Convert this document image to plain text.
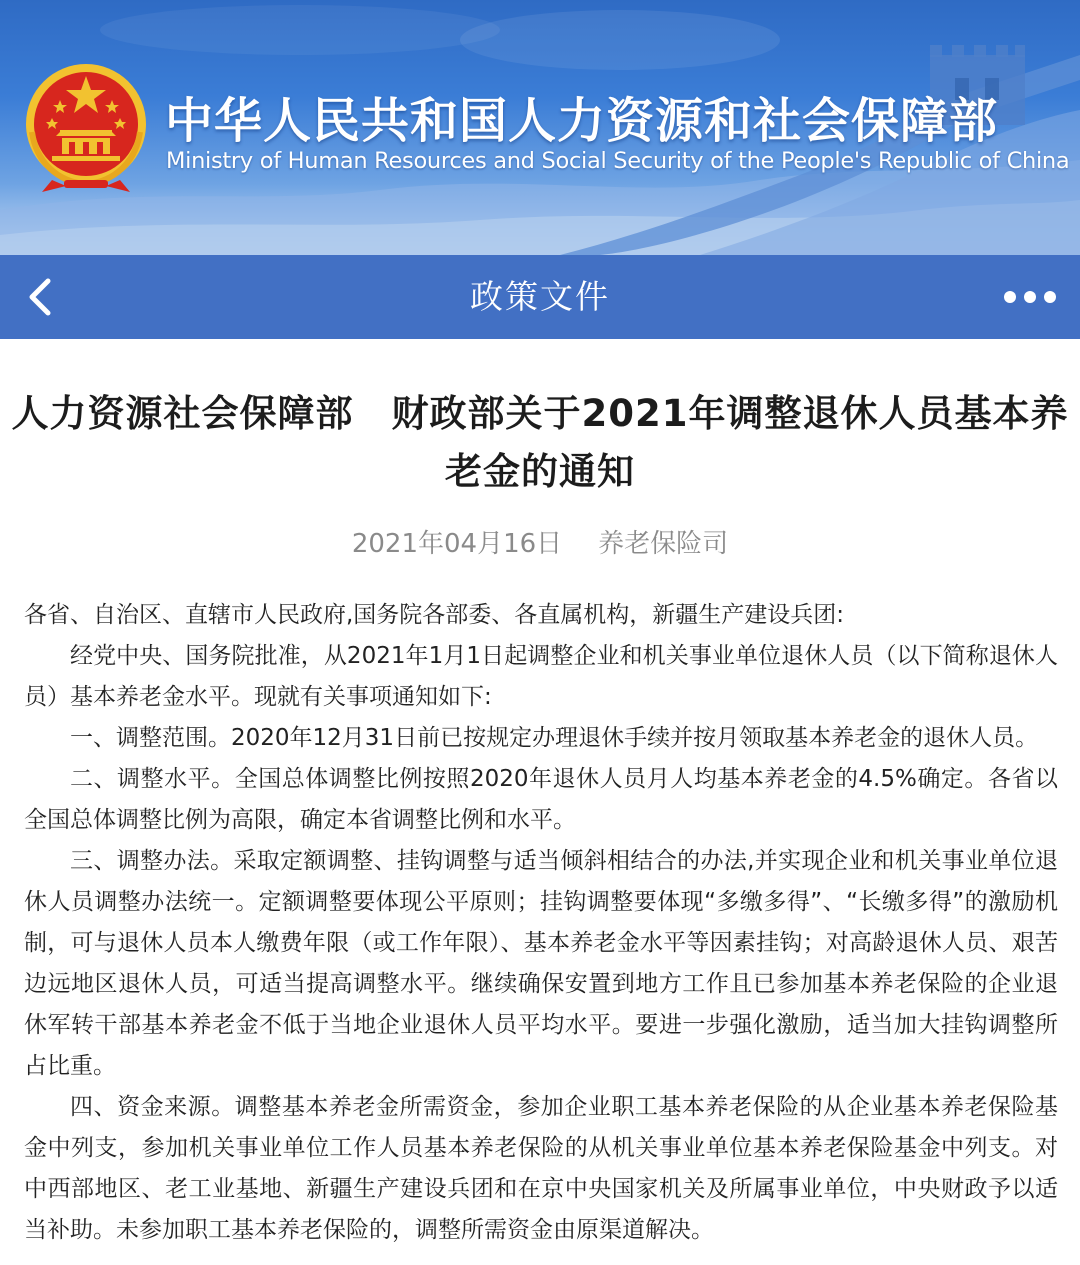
中华人民共和国人力资源和社会保障部
Ministry of Human Resources and Social Security of the People's Republic of China
政策文件
人力资源社会保障部　财政部关于2021年调整退休人员基本养
老金的通知
2021年04月16日 养老保险司

各省、自治区、直辖市人民政府,国务院各部委、各直属机构，新疆生产建设兵团:

经党中央、国务院批准，从2021年1月1日起调整企业和机关事业单位退休人员（以下简称退休人员）基本养老金水平。现就有关事项通知如下:

一、调整范围。2020年12月31日前已按规定办理退休手续并按月领取基本养老金的退休人员。

二、调整水平。全国总体调整比例按照2020年退休人员月人均基本养老金的4.5%确定。各省以全国总体调整比例为高限，确定本省调整比例和水平。

三、调整办法。采取定额调整、挂钩调整与适当倾斜相结合的办法,并实现企业和机关事业单位退休人员调整办法统一。定额调整要体现公平原则；挂钩调整要体现“多缴多得”、“长缴多得”的激励机制，可与退休人员本人缴费年限（或工作年限）、基本养老金水平等因素挂钩；对高龄退休人员、艰苦边远地区退休人员，可适当提高调整水平。继续确保安置到地方工作且已参加基本养老保险的企业退休军转干部基本养老金不低于当地企业退休人员平均水平。要进一步强化激励，适当加大挂钩调整所占比重。

四、资金来源。调整基本养老金所需资金，参加企业职工基本养老保险的从企业基本养老保险基金中列支，参加机关事业单位工作人员基本养老保险的从机关事业单位基本养老保险基金中列支。对中西部地区、老工业基地、新疆生产建设兵团和在京中央国家机关及所属事业单位，中央财政予以适当补助。未参加职工基本养老保险的，调整所需资金由原渠道解决。
